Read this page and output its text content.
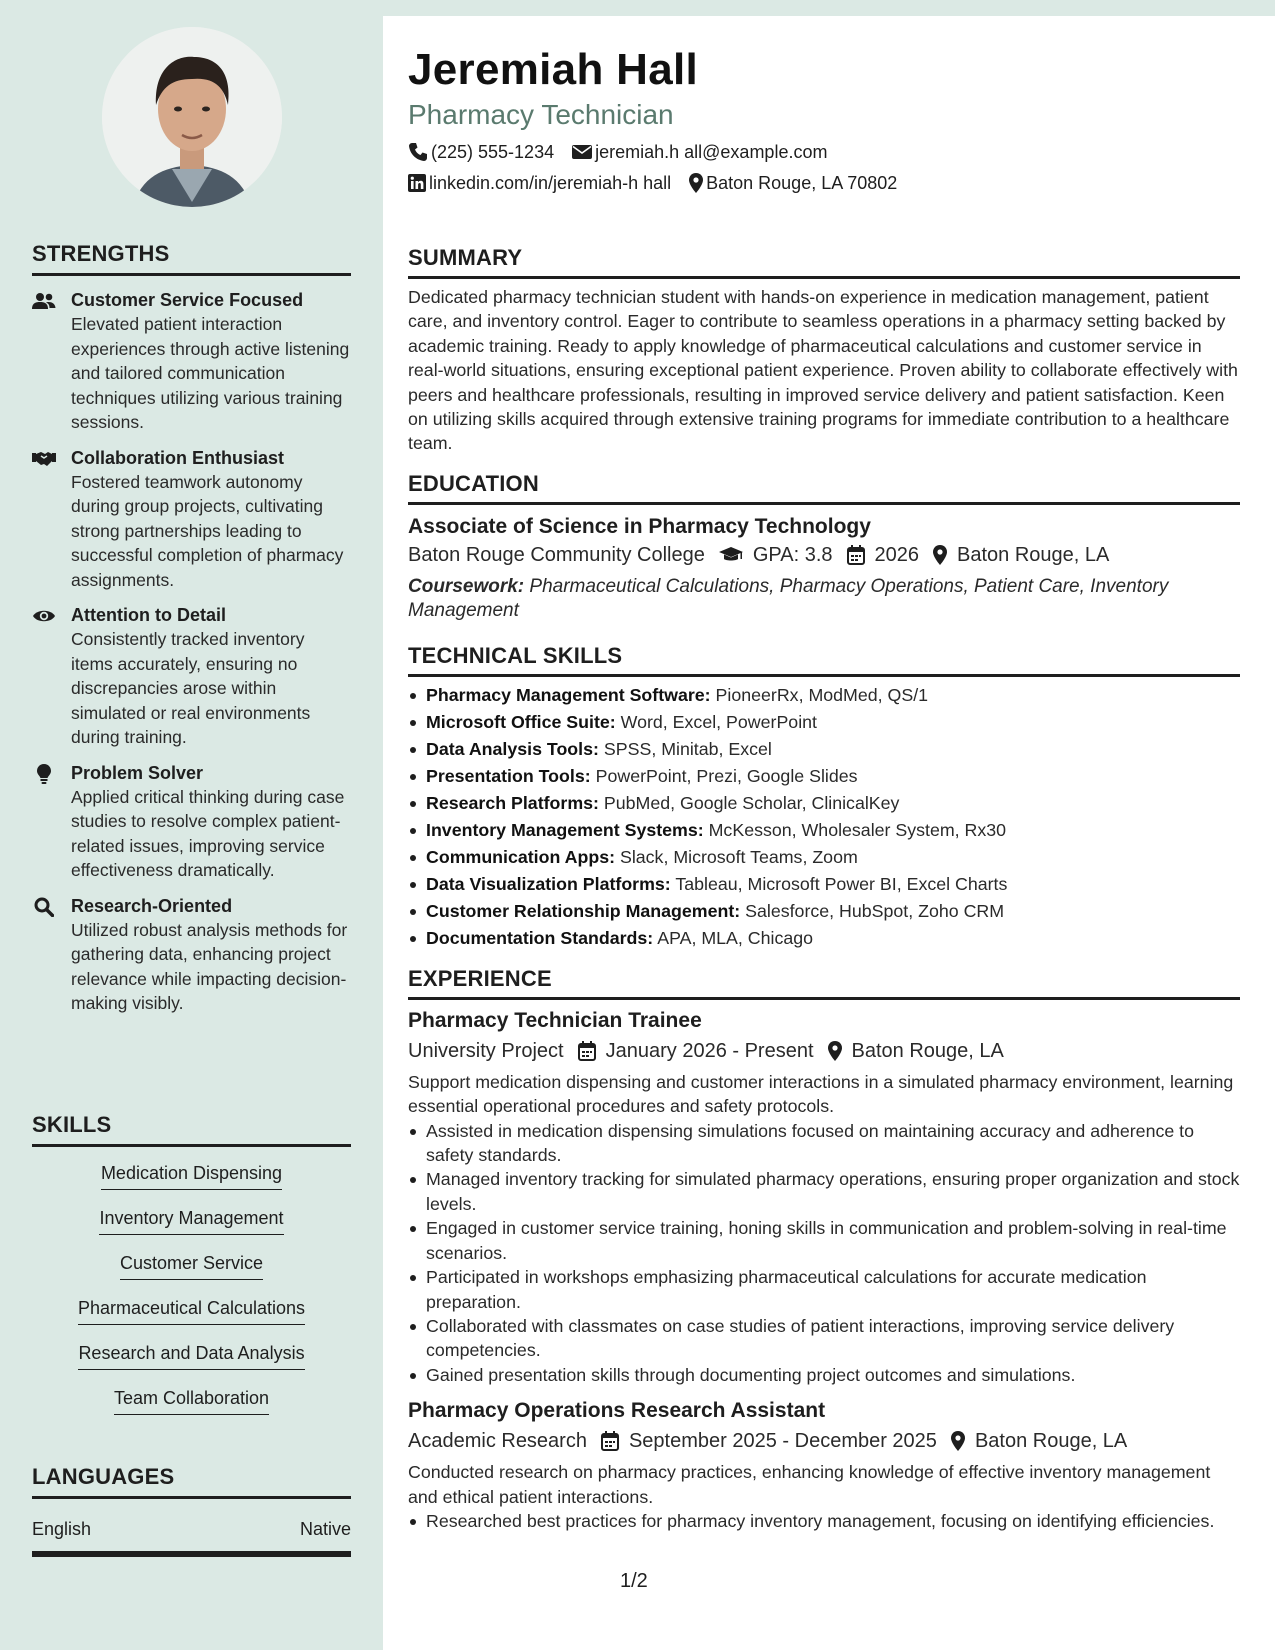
STRENGTHS
Customer Service Focused
Elevated patient interaction experiences through active listening and tailored communication techniques utilizing various training sessions.
Collaboration Enthusiast
Fostered teamwork autonomy during group projects, cultivating strong partnerships leading to successful completion of pharmacy assignments.
Attention to Detail
Consistently tracked inventory items accurately, ensuring no discrepancies arose within simulated or real environments during training.
Problem Solver
Applied critical thinking during case studies to resolve complex patient-related issues, improving service effectiveness dramatically.
Research-Oriented
Utilized robust analysis methods for gathering data, enhancing project relevance while impacting decision-making visibly.
SKILLS
Medication Dispensing
Inventory Management
Customer Service
Pharmaceutical Calculations
Research and Data Analysis
Team Collaboration
LANGUAGES
English	Native
Jeremiah Hall
Pharmacy Technician
(225) 555-1234 jeremiah.h all@example.com
linkedin.com/in/jeremiah-h hall Baton Rouge, LA 70802
SUMMARY
Dedicated pharmacy technician student with hands-on experience in medication management, patient care, and inventory control. Eager to contribute to seamless operations in a pharmacy setting backed by academic training. Ready to apply knowledge of pharmaceutical calculations and customer service in real-world situations, ensuring exceptional patient experience. Proven ability to collaborate effectively with peers and healthcare professionals, resulting in improved service delivery and patient satisfaction. Keen on utilizing skills acquired through extensive training programs for immediate contribution to a healthcare team.
EDUCATION
Associate of Science in Pharmacy Technology
Baton Rouge Community College GPA: 3.8 2026 Baton Rouge, LA
Coursework: Pharmaceutical Calculations, Pharmacy Operations, Patient Care, Inventory Management
TECHNICAL SKILLS
Pharmacy Management Software: PioneerRx, ModMed, QS/1
Microsoft Office Suite: Word, Excel, PowerPoint
Data Analysis Tools: SPSS, Minitab, Excel
Presentation Tools: PowerPoint, Prezi, Google Slides
Research Platforms: PubMed, Google Scholar, ClinicalKey
Inventory Management Systems: McKesson, Wholesaler System, Rx30
Communication Apps: Slack, Microsoft Teams, Zoom
Data Visualization Platforms: Tableau, Microsoft Power BI, Excel Charts
Customer Relationship Management: Salesforce, HubSpot, Zoho CRM
Documentation Standards: APA, MLA, Chicago
EXPERIENCE
Pharmacy Technician Trainee
University Project January 2026 - Present Baton Rouge, LA
Support medication dispensing and customer interactions in a simulated pharmacy environment, learning essential operational procedures and safety protocols.
Assisted in medication dispensing simulations focused on maintaining accuracy and adherence to safety standards.
Managed inventory tracking for simulated pharmacy operations, ensuring proper organization and stock levels.
Engaged in customer service training, honing skills in communication and problem-solving in real-time scenarios.
Participated in workshops emphasizing pharmaceutical calculations for accurate medication preparation.
Collaborated with classmates on case studies of patient interactions, improving service delivery competencies.
Gained presentation skills through documenting project outcomes and simulations.
Pharmacy Operations Research Assistant
Academic Research September 2025 - December 2025 Baton Rouge, LA
Conducted research on pharmacy practices, enhancing knowledge of effective inventory management and ethical patient interactions.
Researched best practices for pharmacy inventory management, focusing on identifying efficiencies.
1/2
